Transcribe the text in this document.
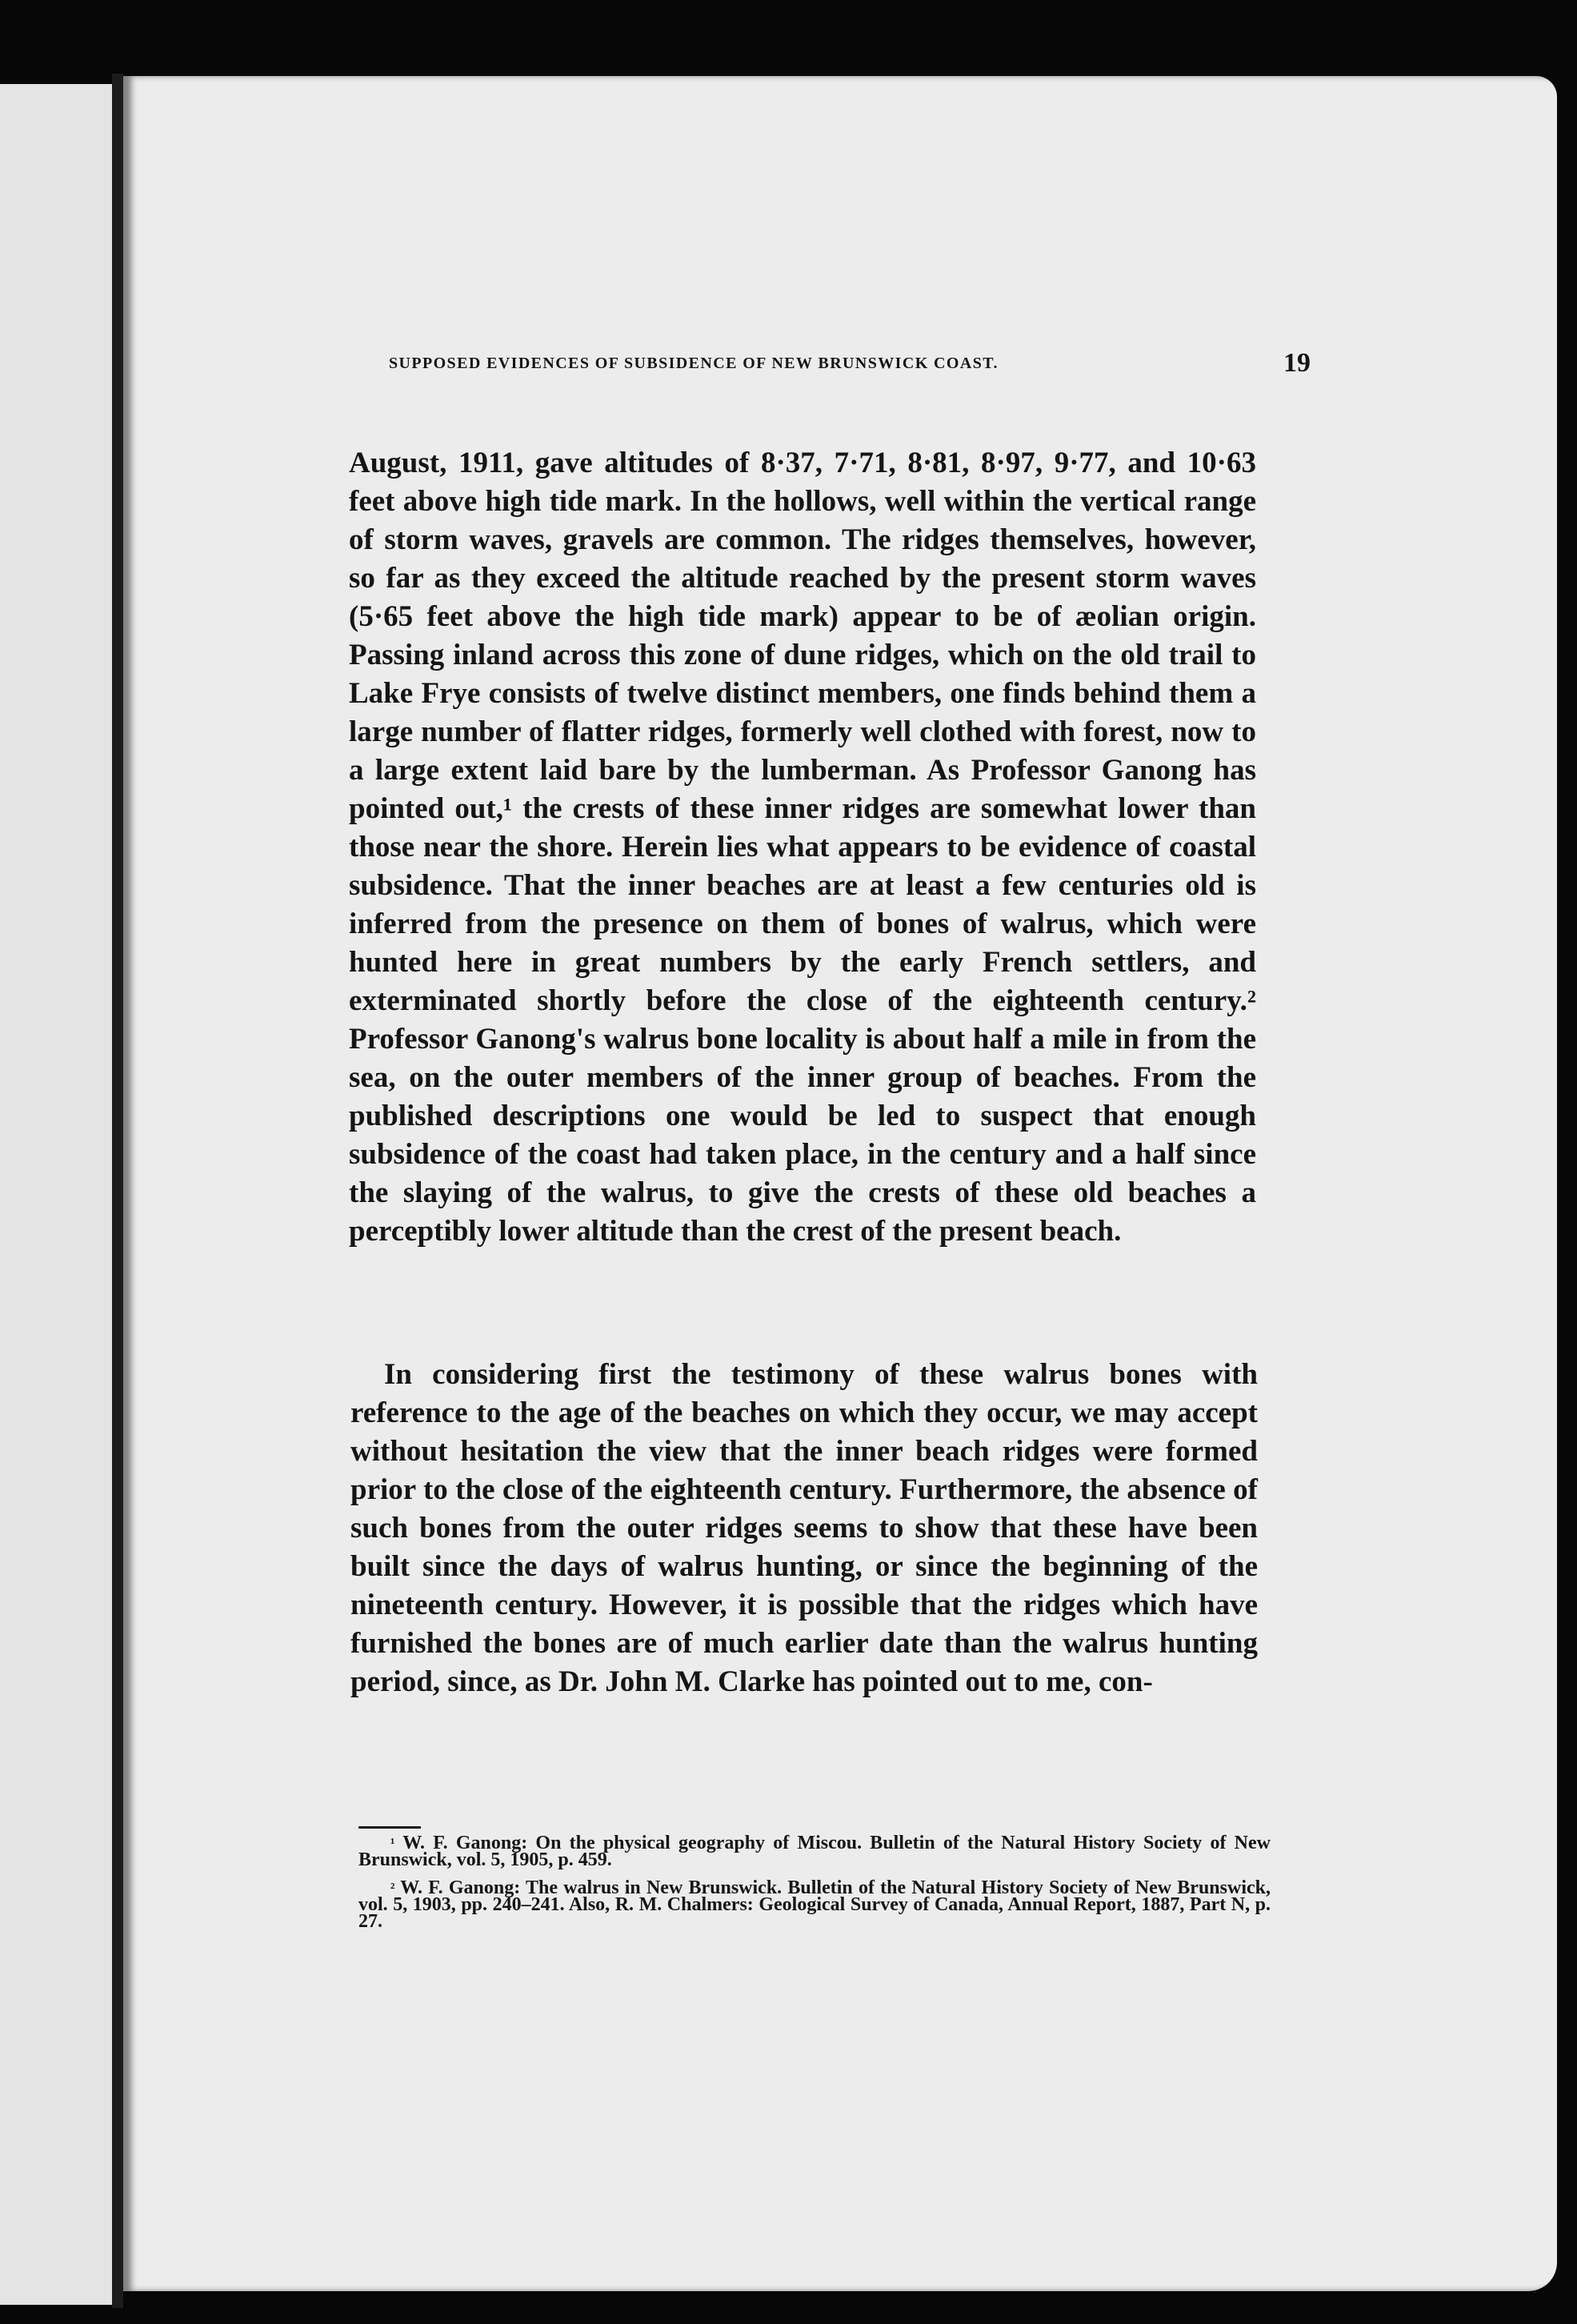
SUPPOSED EVIDENCES OF SUBSIDENCE OF NEW BRUNSWICK COAST.	19

August, 1911, gave altitudes of 8·37, 7·71, 8·81, 8·97, 9·77, and 10·63 feet above high tide mark. In the hollows, well within the vertical range of storm waves, gravels are common. The ridges themselves, however, so far as they exceed the altitude reached by the present storm waves (5·65 feet above the high tide mark) appear to be of æolian origin. Passing inland across this zone of dune ridges, which on the old trail to Lake Frye consists of twelve distinct members, one finds behind them a large number of flatter ridges, formerly well clothed with forest, now to a large extent laid bare by the lumberman. As Professor Ganong has pointed out,¹ the crests of these inner ridges are somewhat lower than those near the shore. Herein lies what appears to be evidence of coastal subsidence. That the inner beaches are at least a few centuries old is inferred from the presence on them of bones of walrus, which were hunted here in great numbers by the early French settlers, and exterminated shortly before the close of the eighteenth century.² Professor Ganong's walrus bone locality is about half a mile in from the sea, on the outer members of the inner group of beaches. From the published descriptions one would be led to suspect that enough subsidence of the coast had taken place, in the century and a half since the slaying of the walrus, to give the crests of these old beaches a perceptibly lower altitude than the crest of the present beach.

In considering first the testimony of these walrus bones with reference to the age of the beaches on which they occur, we may accept without hesitation the view that the inner beach ridges were formed prior to the close of the eighteenth century. Furthermore, the absence of such bones from the outer ridges seems to show that these have been built since the days of walrus hunting, or since the beginning of the nineteenth century. However, it is possible that the ridges which have furnished the bones are of much earlier date than the walrus hunting period, since, as Dr. John M. Clarke has pointed out to me, con-

$^{^1}$ W. F. Ganong: On the physical geography of Miscou. Bulletin of the Natural History Society of New Brunswick, vol. 5, 1905, p. 459.
$^{^2}$ W. F. Ganong: The walrus in New Brunswick. Bulletin of the Natural History Society of New Brunswick, vol. 5, 1903, pp. 240–241. Also, R. M. Chalmers: Geological Survey of Canada, Annual Report, 1887, Part N, p. 27.
